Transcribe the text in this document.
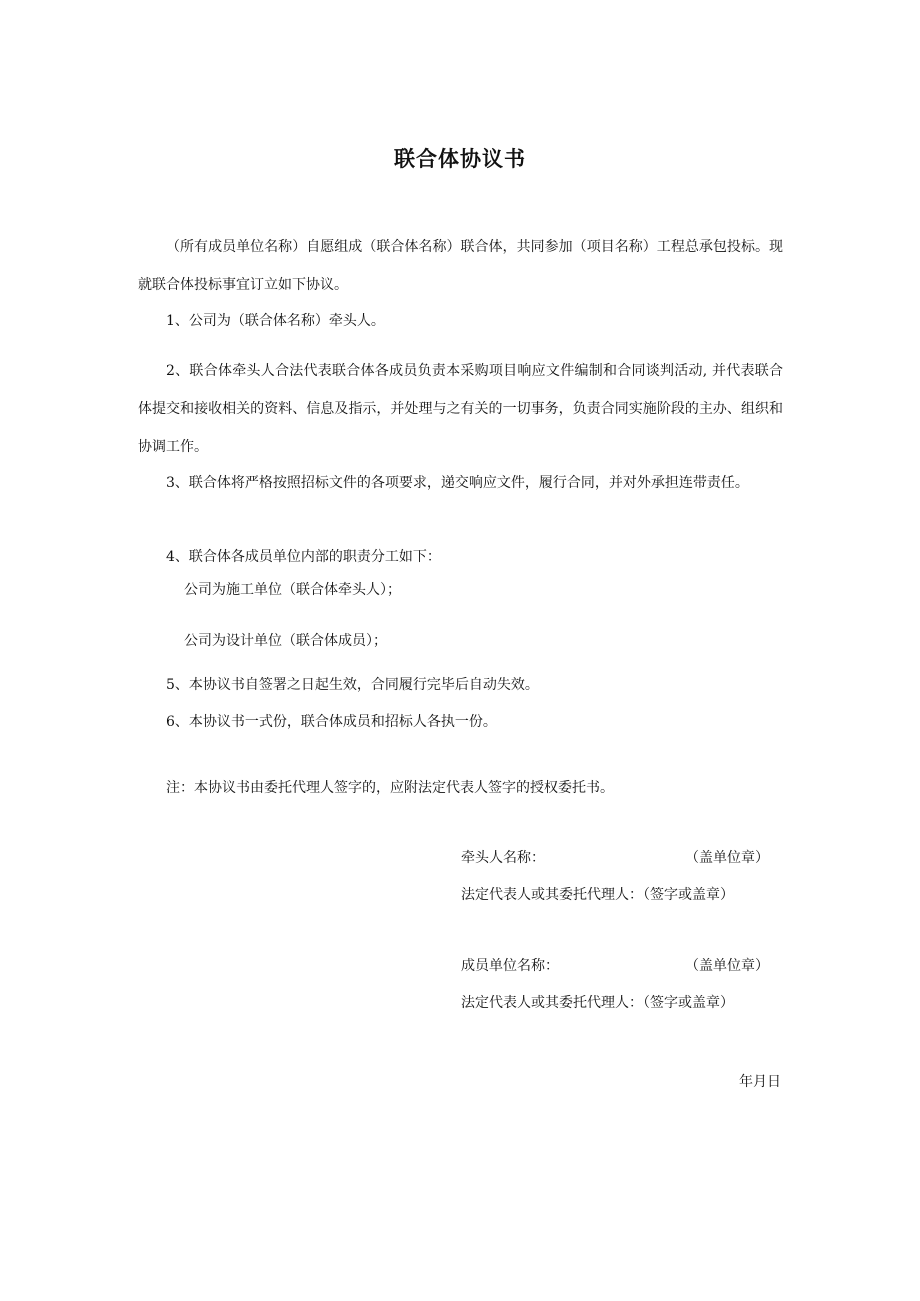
联合体协议书
（所有成员单位名称）自愿组成（联合体名称）联合体，共同参加（项目名称）工程总承包投标。现就联合体投标事宜订立如下协议。
1、公司为（联合体名称）牵头人。
2、联合体牵头人合法代表联合体各成员负责本采购项目响应文件编制和合同谈判活动, 并代表联合体提交和接收相关的资料、信息及指示，并处理与之有关的一切事务，负责合同实施阶段的主办、组织和协调工作。
3、联合体将严格按照招标文件的各项要求，递交响应文件，履行合同，并对外承担连带责任。
4、联合体各成员单位内部的职责分工如下：
公司为施工单位（联合体牵头人）；
公司为设计单位（联合体成员）；
5、本协议书自签署之日起生效，合同履行完毕后自动失效。
6、本协议书一式份，联合体成员和招标人各执一份。
注：本协议书由委托代理人签字的，应附法定代表人签字的授权委托书。
牵头人名称：	（盖单位章）
法定代表人或其委托代理人：（签字或盖章）
成员单位名称：	（盖单位章）
法定代表人或其委托代理人：（签字或盖章）
年月日
